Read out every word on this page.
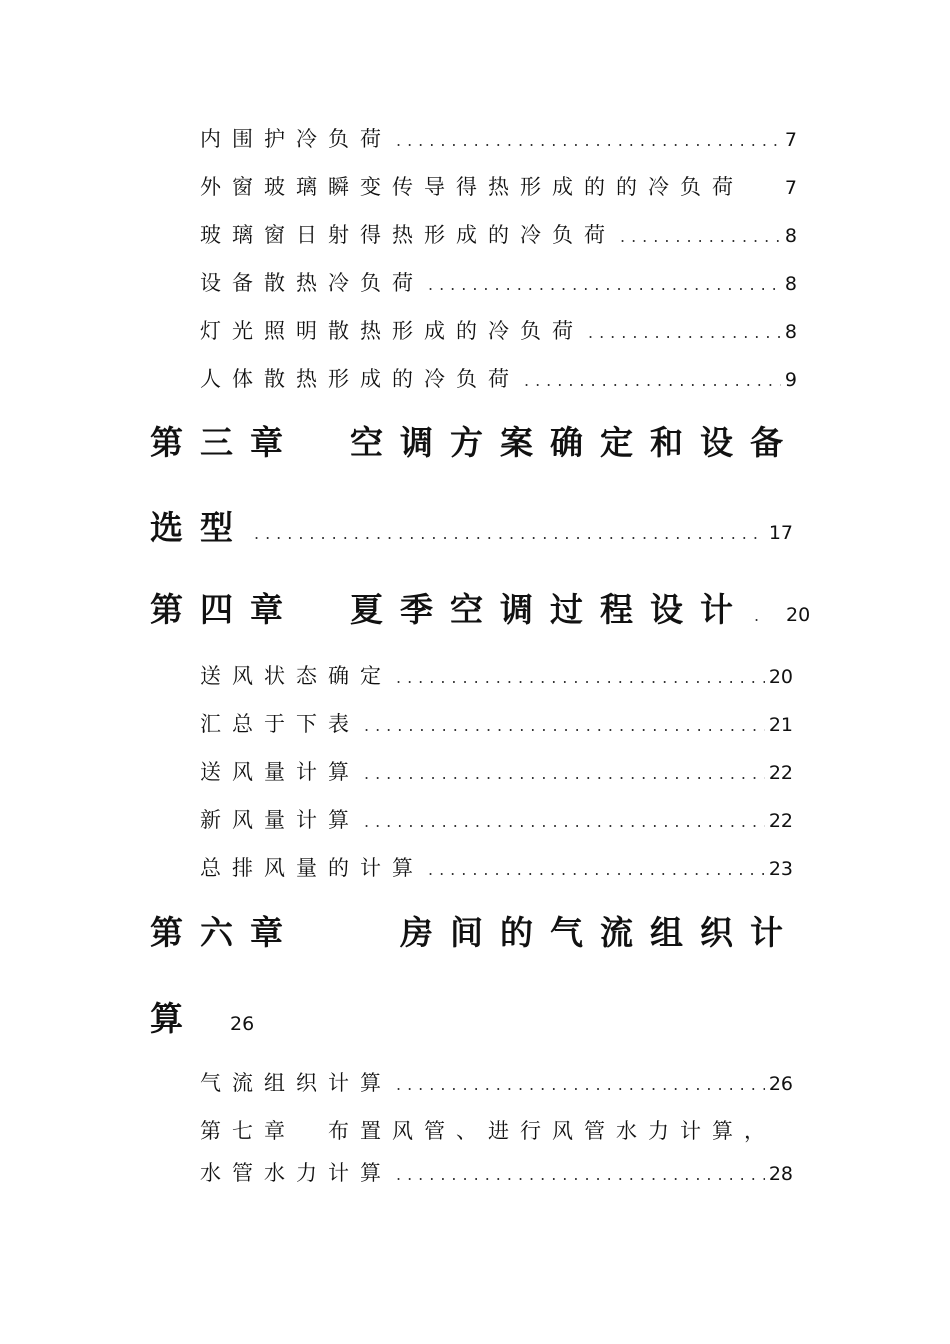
内围护冷负荷 .....	7
外窗玻璃瞬变传导得热形成的的冷负荷 7
玻璃窗日射得热形成的冷负荷 .....	8
设备散热冷负荷 .....	8
灯光照明散热形成的冷负荷 .....	8
人体散热形成的冷负荷 .....	9
第三章　空调方案确定和设备
选型 .....	17
第四章　夏季空调过程设计 ..... 20
送风状态确定 .....	20
汇总于下表 .....	21
送风量计算 .....	22
新风量计算 .....	22
总排风量的计算 .....	23
第六章　　房间的气流组织计
算 26
气流组织计算 .....	26
第七章　布置风管、进行风管水力计算，
水管水力计算 .....	28
